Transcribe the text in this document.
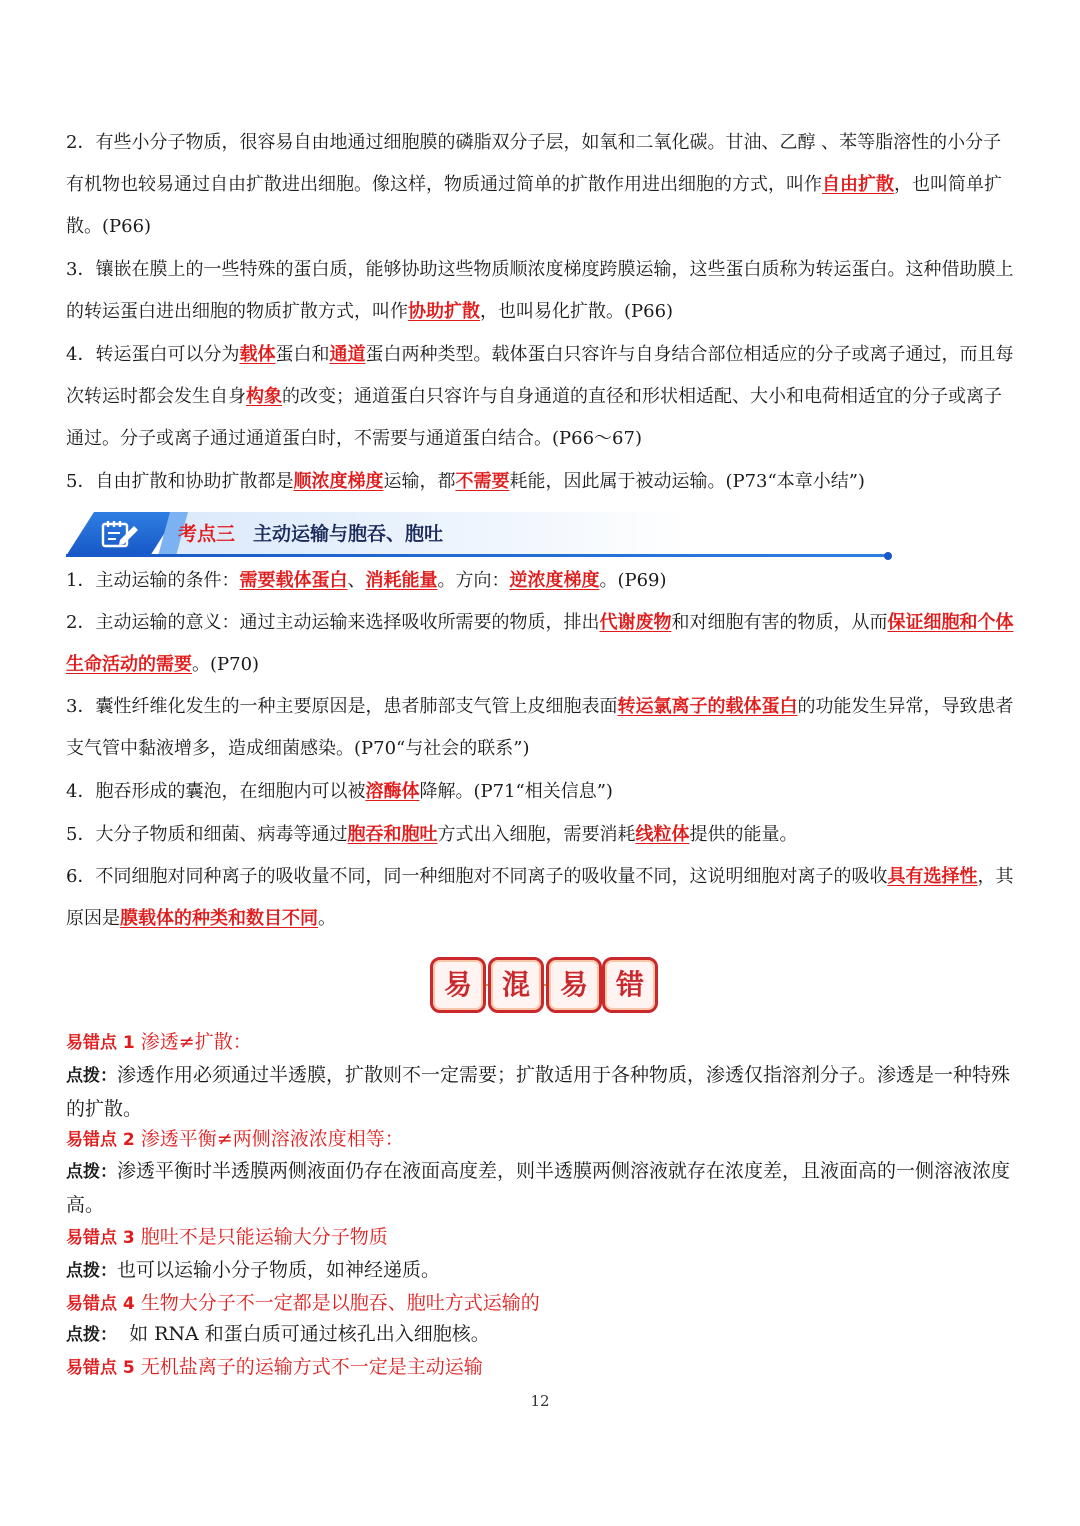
2．有些小分子物质，很容易自由地通过细胞膜的磷脂双分子层，如氧和二氧化碳。甘油、乙醇 、苯等脂溶性的小分子有机物也较易通过自由扩散进出细胞。像这样，物质通过简单的扩散作用进出细胞的方式，叫作自由扩散，也叫简单扩散。(P66)

3．镶嵌在膜上的一些特殊的蛋白质，能够协助这些物质顺浓度梯度跨膜运输，这些蛋白质称为转运蛋白。这种借助膜上的转运蛋白进出细胞的物质扩散方式，叫作协助扩散，也叫易化扩散。(P66)

4．转运蛋白可以分为载体蛋白和通道蛋白两种类型。载体蛋白只容许与自身结合部位相适应的分子或离子通过，而且每次转运时都会发生自身构象的改变；通道蛋白只容许与自身通道的直径和形状相适配、大小和电荷相适宜的分子或离子通过。分子或离子通过通道蛋白时，不需要与通道蛋白结合。(P66～67)

5．自由扩散和协助扩散都是顺浓度梯度运输，都不需要耗能，因此属于被动运输。(P73“本章小结”)

考点三 主动运输与胞吞、胞吐

1．主动运输的条件：需要载体蛋白、消耗能量。方向：逆浓度梯度。(P69)

2．主动运输的意义：通过主动运输来选择吸收所需要的物质，排出代谢废物和对细胞有害的物质，从而保证细胞和个体生命活动的需要。(P70)

3．囊性纤维化发生的一种主要原因是，患者肺部支气管上皮细胞表面转运氯离子的载体蛋白的功能发生异常，导致患者支气管中黏液增多，造成细菌感染。(P70“与社会的联系”)

4．胞吞形成的囊泡，在细胞内可以被溶酶体降解。(P71“相关信息”)

5．大分子物质和细菌、病毒等通过胞吞和胞吐方式出入细胞，需要消耗线粒体提供的能量。

6．不同细胞对同种离子的吸收量不同，同一种细胞对不同离子的吸收量不同，这说明细胞对离子的吸收具有选择性，其原因是膜载体的种类和数目不同。

易	混	易 错

易错点 1 渗透≠扩散：

点拨：渗透作用必须通过半透膜，扩散则不一定需要；扩散适用于各种物质，渗透仅指溶剂分子。渗透是一种特殊的扩散。

易错点 2 渗透平衡≠两侧溶液浓度相等：

点拨：渗透平衡时半透膜两侧液面仍存在液面高度差，则半透膜两侧溶液就存在浓度差，且液面高的一侧溶液浓度高。

易错点 3 胞吐不是只能运输大分子物质

点拨：也可以运输小分子物质，如神经递质。

易错点 4 生物大分子不一定都是以胞吞、胞吐方式运输的

点拨：  如 RNA 和蛋白质可通过核孔出入细胞核。

易错点 5 无机盐离子的运输方式不一定是主动运输

12
